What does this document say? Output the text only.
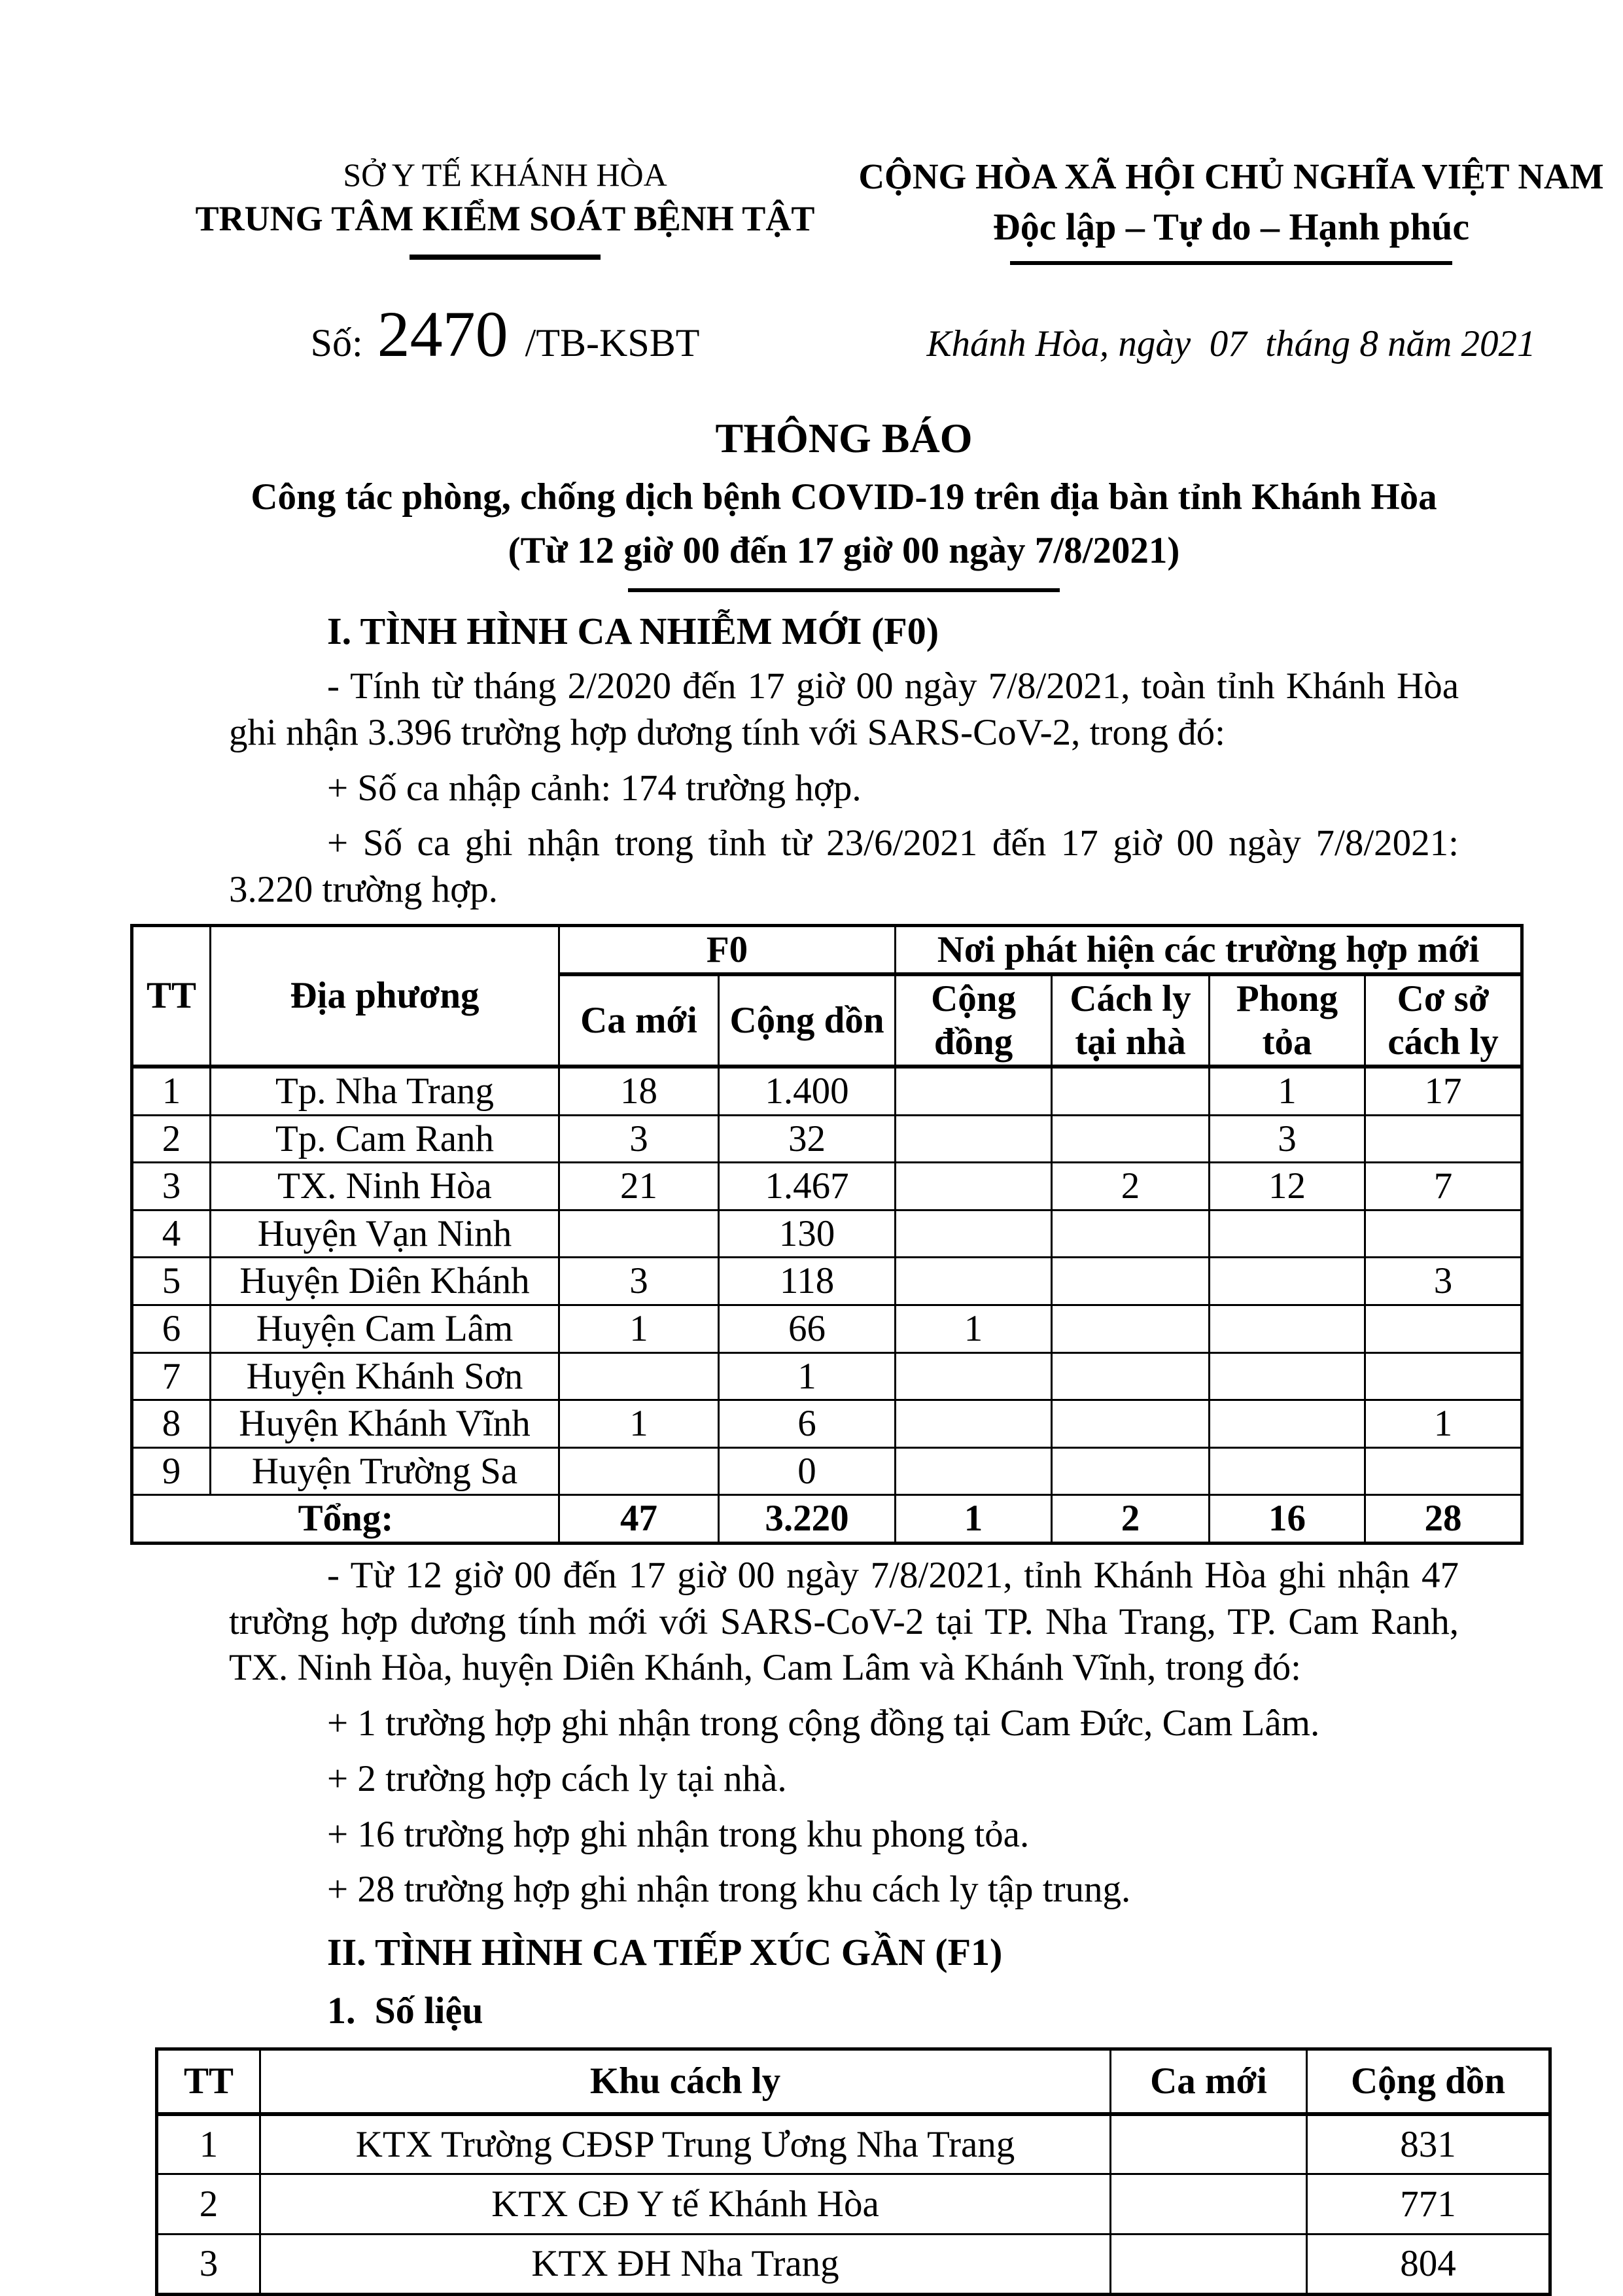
SỞ Y TẾ KHÁNH HÒA
TRUNG TÂM KIỂM SOÁT BỆNH TẬT
CỘNG HÒA XÃ HỘI CHỦ NGHĨA VIỆT NAM
Độc lập – Tự do – Hạnh phúc
Số: 2470 /TB-KSBT	Khánh Hòa, ngày  07  tháng 8 năm 2021
THÔNG BÁO
Công tác phòng, chống dịch bệnh COVID-19 trên địa bàn tỉnh Khánh Hòa
(Từ 12 giờ 00 đến 17 giờ 00 ngày 7/8/2021)
I. TÌNH HÌNH CA NHIỄM MỚI (F0)

- Tính từ tháng 2/2020 đến 17 giờ 00 ngày 7/8/2021, toàn tỉnh Khánh Hòa ghi nhận 3.396 trường hợp dương tính với SARS-CoV-2, trong đó:

+ Số ca nhập cảnh: 174 trường hợp.

+ Số ca ghi nhận trong tỉnh từ 23/6/2021 đến 17 giờ 00 ngày 7/8/2021: 3.220 trường hợp.

TT	Địa phương	F0		Nơi phát hiện các trường hợp mới			
		Ca mới	Cộng dồn	Cộng đồng	Cách ly tại nhà	Phong tỏa	Cơ sở cách ly
1	Tp. Nha Trang	18	1.400			1	17
2	Tp. Cam Ranh	3	32			3	
3	TX. Ninh Hòa	21	1.467		2	12	7
4	Huyện Vạn Ninh		130				
5	Huyện Diên Khánh	3	118				3
6	Huyện Cam Lâm	1	66	1			
7	Huyện Khánh Sơn		1				
8	Huyện Khánh Vĩnh	1	6				1
9	Huyện Trường Sa		0				
Tổng:		47	3.220	1	2	16	28

- Từ 12 giờ 00 đến 17 giờ 00 ngày 7/8/2021, tỉnh Khánh Hòa ghi nhận 47 trường hợp dương tính mới với SARS-CoV-2 tại TP. Nha Trang, TP. Cam Ranh, TX. Ninh Hòa, huyện Diên Khánh, Cam Lâm và Khánh Vĩnh, trong đó:

+ 1 trường hợp ghi nhận trong cộng đồng tại Cam Đức, Cam Lâm.

+ 2 trường hợp cách ly tại nhà.

+ 16 trường hợp ghi nhận trong khu phong tỏa.

+ 28 trường hợp ghi nhận trong khu cách ly tập trung.

II. TÌNH HÌNH CA TIẾP XÚC GẦN (F1)
1.  Số liệu
TT	Khu cách ly	Ca mới	Cộng dồn
1	KTX Trường CĐSP Trung Ương Nha Trang		831
2	KTX CĐ Y tế Khánh Hòa		771
3	KTX ĐH Nha Trang		804
